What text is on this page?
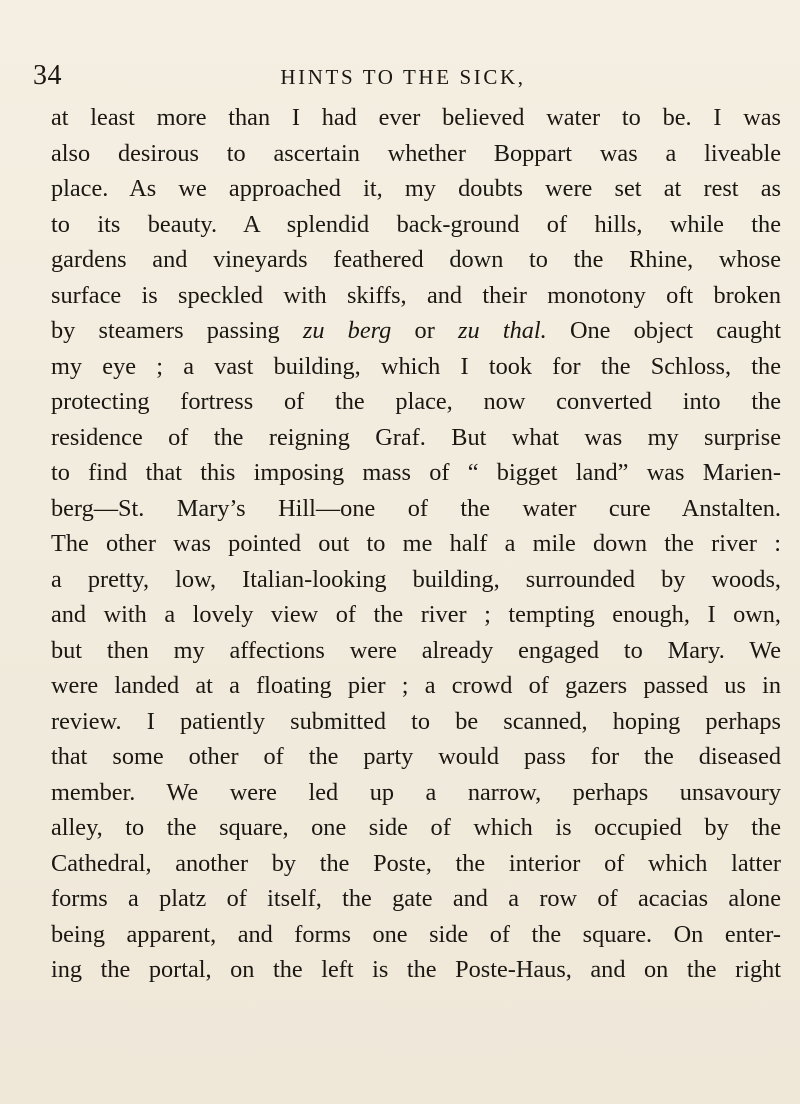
34	HINTS TO THE SICK,
at least more than I had ever believed water to be. I was
also desirous to ascertain whether Boppart was a liveable
place. As we approached it, my doubts were set at rest as
to its beauty. A splendid back-ground of hills, while the
gardens and vineyards feathered down to the Rhine, whose
surface is speckled with skiffs, and their monotony oft broken
by steamers passing zu berg or zu thal. One object caught
my eye ; a vast building, which I took for the Schloss, the
protecting fortress of the place, now converted into the
residence of the reigning Graf. But what was my surprise
to find that this imposing mass of “ bigget land” was Marien-
berg—St. Mary’s Hill—one of the water cure Anstalten.
The other was pointed out to me half a mile down the river :
a pretty, low, Italian-looking building, surrounded by woods,
and with a lovely view of the river ; tempting enough, I own,
but then my affections were already engaged to Mary. We
were landed at a floating pier ; a crowd of gazers passed us in
review. I patiently submitted to be scanned, hoping perhaps
that some other of the party would pass for the diseased
member. We were led up a narrow, perhaps unsavoury
alley, to the square, one side of which is occupied by the
Cathedral, another by the Poste, the interior of which latter
forms a platz of itself, the gate and a row of acacias alone
being apparent, and forms one side of the square. On enter-
ing the portal, on the left is the Poste-Haus, and on the right
